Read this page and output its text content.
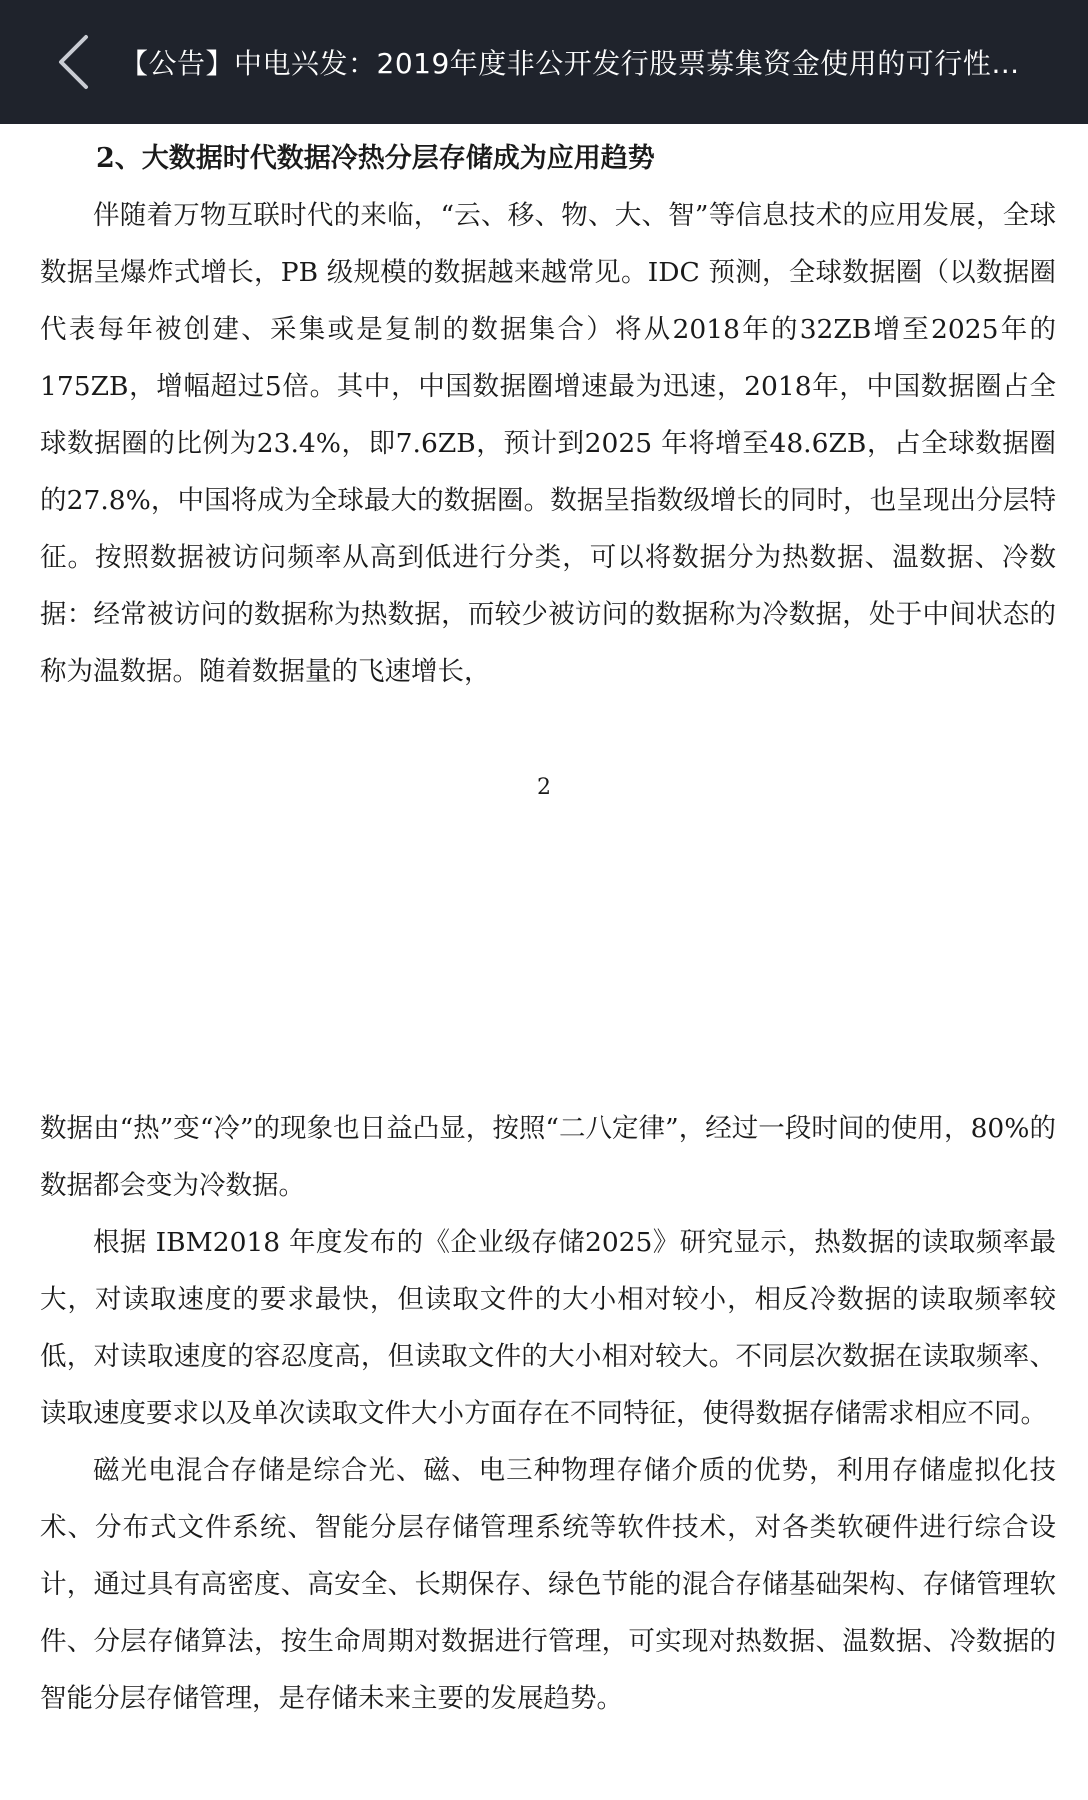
【公告】中电兴发：2019年度非公开发行股票募集资金使用的可行性…
2、大数据时代数据冷热分层存储成为应用趋势

伴随着万物互联时代的来临，“云、移、物、大、智”等信息技术的应用发展，全球数据呈爆炸式增长，PB 级规模的数据越来越常见。IDC 预测，全球数据圈（以数据圈代表每年被创建、采集或是复制的数据集合）将从2018年的32ZB增至2025年的175ZB，增幅超过5倍。其中，中国数据圈增速最为迅速，2018年，中国数据圈占全球数据圈的比例为23.4%，即7.6ZB，预计到2025 年将增至48.6ZB，占全球数据圈的27.8%，中国将成为全球最大的数据圈。数据呈指数级增长的同时，也呈现出分层特征。按照数据被访问频率从高到低进行分类，可以将数据分为热数据、温数据、冷数据：经常被访问的数据称为热数据，而较少被访问的数据称为冷数据，处于中间状态的称为温数据。随着数据量的飞速增长，

2

数据由“热”变“冷”的现象也日益凸显，按照“二八定律”，经过一段时间的使用，80%的数据都会变为冷数据。

根据 IBM2018 年度发布的《企业级存储2025》研究显示，热数据的读取频率最大，对读取速度的要求最快，但读取文件的大小相对较小，相反冷数据的读取频率较低，对读取速度的容忍度高，但读取文件的大小相对较大。不同层次数据在读取频率、读取速度要求以及单次读取文件大小方面存在不同特征，使得数据存储需求相应不同。

磁光电混合存储是综合光、磁、电三种物理存储介质的优势，利用存储虚拟化技术、分布式文件系统、智能分层存储管理系统等软件技术，对各类软硬件进行综合设计，通过具有高密度、高安全、长期保存、绿色节能的混合存储基础架构、存储管理软件、分层存储算法，按生命周期对数据进行管理，可实现对热数据、温数据、冷数据的智能分层存储管理，是存储未来主要的发展趋势。
